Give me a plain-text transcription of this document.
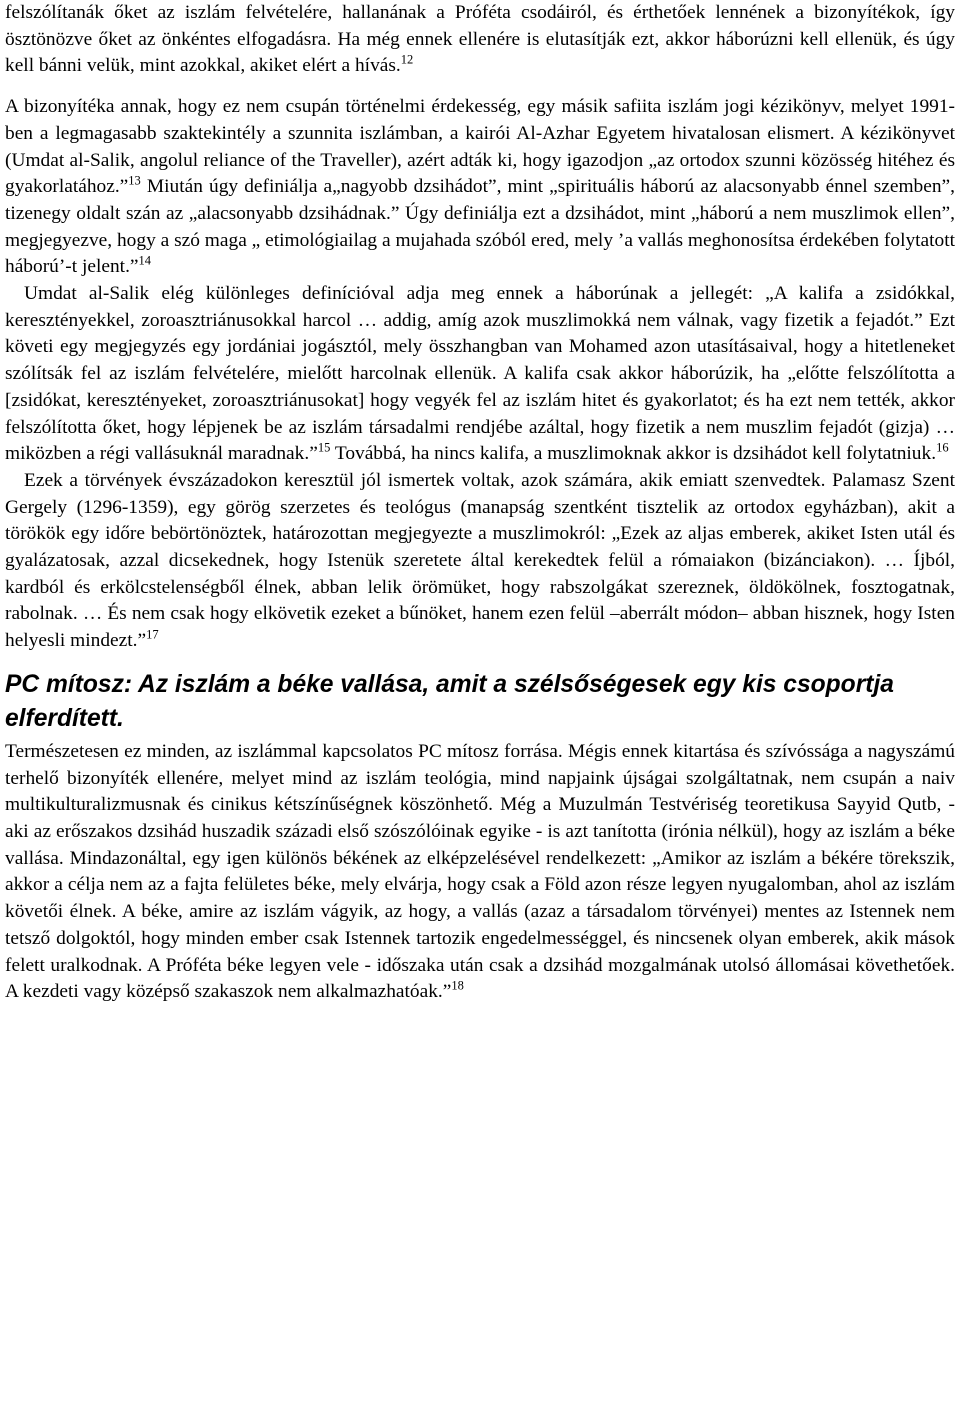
felszólítanák őket az iszlám felvételére, hallanának a Próféta csodáiról, és érthetőek lennének a bizonyítékok, így ösztönözve őket az önkéntes elfogadásra. Ha még ennek ellenére is elutasítják ezt, akkor háborúzni kell ellenük, és úgy kell bánni velük, mint azokkal, akiket elért a hívás.$^{12}$

A bizonyítéka annak, hogy ez nem csupán történelmi érdekesség, egy másik safiita iszlám jogi kézikönyv, melyet 1991-ben a legmagasabb szaktekintély a szunnita iszlámban, a kairói Al-Azhar Egyetem hivatalosan elismert. A kézikönyvet (Umdat al-Salik, angolul reliance of the Traveller), azért adták ki, hogy igazodjon „az ortodox szunni közösség hitéhez és gyakorlatához.”$^{13}$ Miután úgy definiálja a„nagyobb dzsihádot”, mint „spirituális háború az alacsonyabb énnel szemben”, tizenegy oldalt szán az „alacsonyabb dzsihádnak.” Úgy definiálja ezt a dzsihádot, mint „háború a nem muszlimok ellen”, megjegyezve, hogy a szó maga „ etimológiailag a mujahada szóból ered, mely ’a vallás meghonosítsa érdekében folytatott háború’-t jelent.”$^{14}$

Umdat al-Salik elég különleges definícióval adja meg ennek a háborúnak a jellegét: „A kalifa a zsidókkal, keresztényekkel, zoroasztriánusokkal harcol … addig, amíg azok muszlimokká nem válnak, vagy fizetik a fejadót.” Ezt követi egy megjegyzés egy jordániai jogásztól, mely összhangban van Mohamed azon utasításaival, hogy a hitetleneket szólítsák fel az iszlám felvételére, mielőtt harcolnak ellenük. A kalifa csak akkor háborúzik, ha „előtte felszólította a [zsidókat, keresztényeket, zoroasztriánusokat] hogy vegyék fel az iszlám hitet és gyakorlatot; és ha ezt nem tették, akkor felszólította őket, hogy lépjenek be az iszlám társadalmi rendjébe azáltal, hogy fizetik a nem muszlim fejadót (gizja) … miközben a régi vallásuknál maradnak.”$^{15}$ Továbbá, ha nincs kalifa, a muszlimoknak akkor is dzsihádot kell folytatniuk.$^{16}$

Ezek a törvények évszázadokon keresztül jól ismertek voltak, azok számára, akik emiatt szenvedtek. Palamasz Szent Gergely (1296-1359), egy görög szerzetes és teológus (manapság szentként tisztelik az ortodox egyházban), akit a törökök egy időre bebörtönöztek, határozottan megjegyezte a muszlimokról: „Ezek az aljas emberek, akiket Isten utál és gyalázatosak, azzal dicsekednek, hogy Istenük szeretete által kerekedtek felül a rómaiakon (bizánciakon). … Íjból, kardból és erkölcstelenségből élnek, abban lelik örömüket, hogy rabszolgákat szereznek, öldökölnek, fosztogatnak, rabolnak. … És nem csak hogy elkövetik ezeket a bűnöket, hanem ezen felül –aberrált módon– abban hisznek, hogy Isten helyesli mindezt.”$^{17}$

PC mítosz: Az iszlám a béke vallása, amit a szélsőségesek egy kis csoportja elferdített.

Természetesen ez minden, az iszlámmal kapcsolatos PC mítosz forrása. Mégis ennek kitartása és szívóssága a nagyszámú terhelő bizonyíték ellenére, melyet mind az iszlám teológia, mind napjaink újságai szolgáltatnak, nem csupán a naiv multikulturalizmusnak és cinikus kétszínűségnek köszönhető. Még a Muzulmán Testvériség teoretikusa Sayyid Qutb, - aki az erőszakos dzsihád huszadik századi első szószólóinak egyike - is azt tanította (irónia nélkül), hogy az iszlám a béke vallása. Mindazonáltal, egy igen különös békének az elképzelésével rendelkezett: „Amikor az iszlám a békére törekszik, akkor a célja nem az a fajta felületes béke, mely elvárja, hogy csak a Föld azon része legyen nyugalomban, ahol az iszlám követői élnek. A béke, amire az iszlám vágyik, az hogy, a vallás (azaz a társadalom törvényei) mentes az Istennek nem tetsző dolgoktól, hogy minden ember csak Istennek tartozik engedelmességgel, és nincsenek olyan emberek, akik mások felett uralkodnak. A Próféta béke legyen vele - időszaka után csak a dzsihád mozgalmának utolsó állomásai követhetőek. A kezdeti vagy középső szakaszok nem alkalmazhatóak.”$^{18}$
